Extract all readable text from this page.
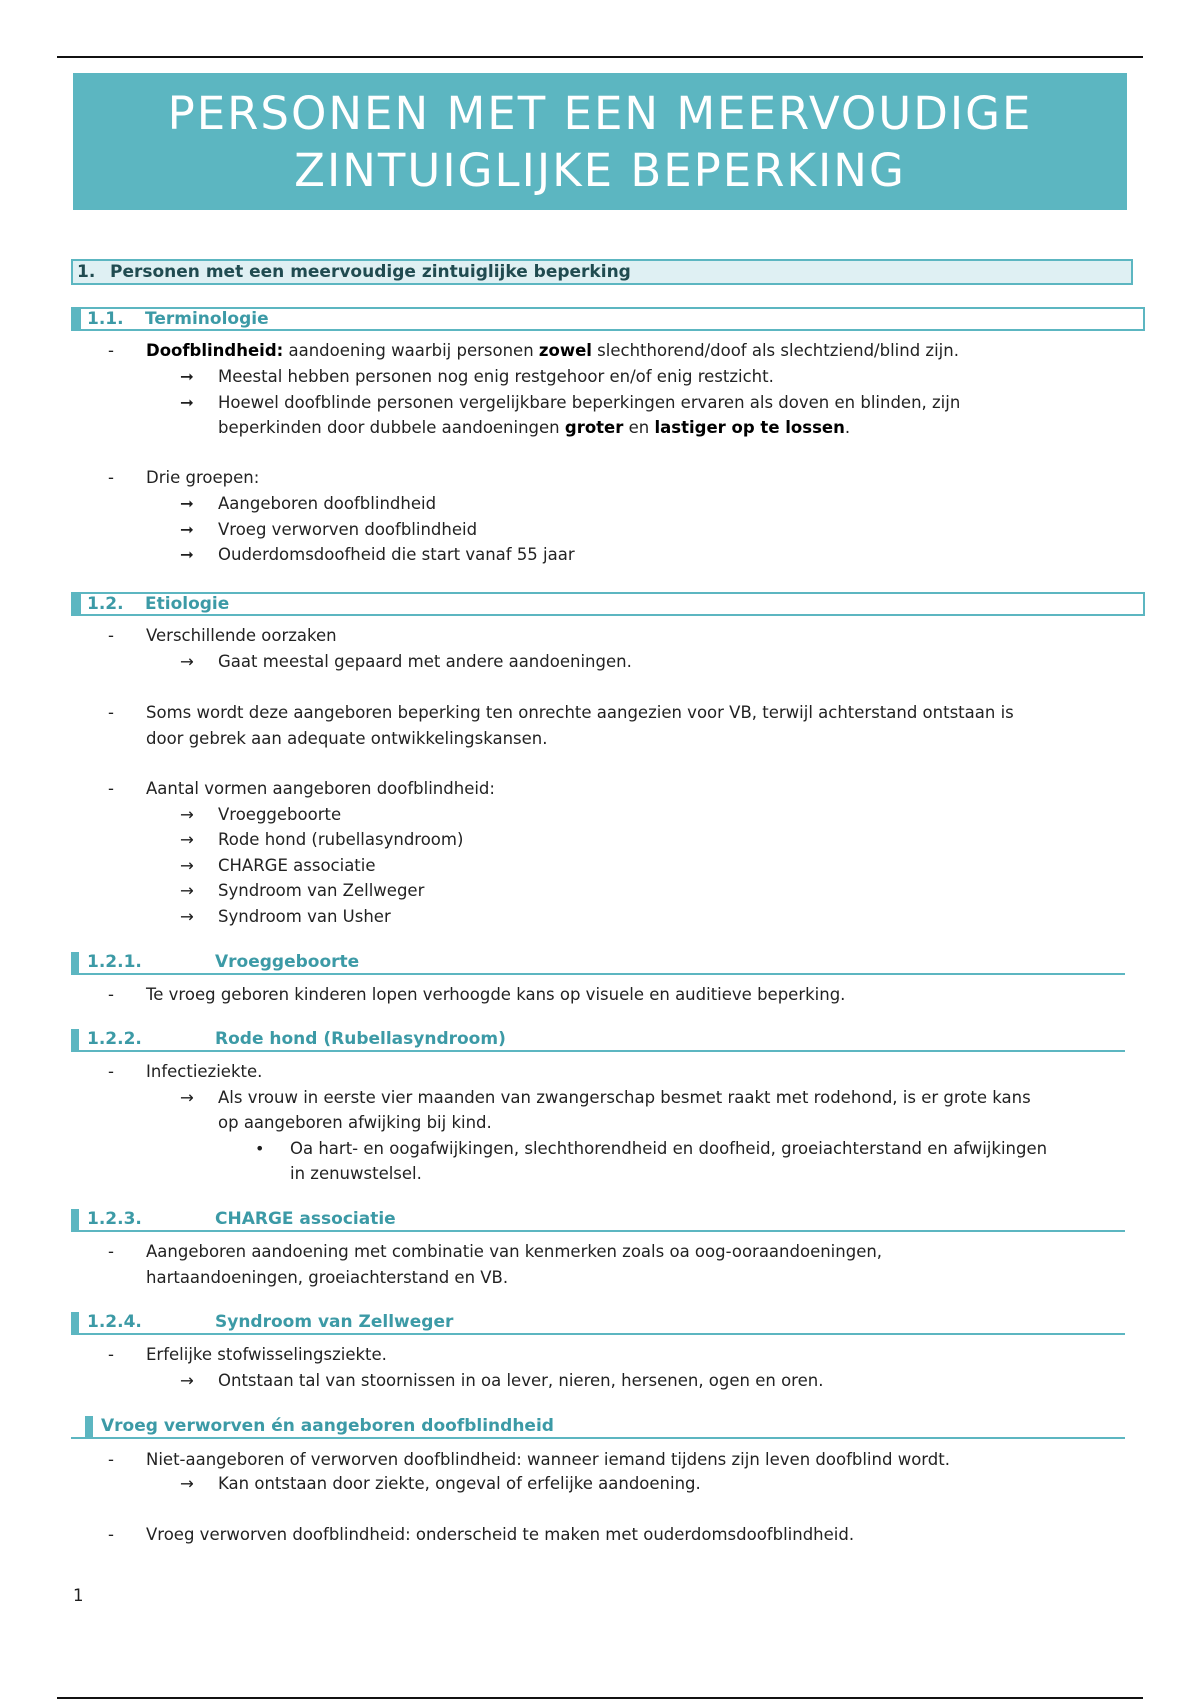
PERSONEN MET EEN MEERVOUDIGE
ZINTUIGLIJKE BEPERKING
1. Personen met een meervoudige zintuiglijke beperking
1.1. Terminologie
- Doofblindheid: aandoening waarbij personen zowel slechthorend/doof als slechtziend/blind zijn.
➞ Meestal hebben personen nog enig restgehoor en/of enig restzicht.
➞ Hoewel doofblinde personen vergelijkbare beperkingen ervaren als doven en blinden, zijn
beperkinden door dubbele aandoeningen groter en lastiger op te lossen.
- Drie groepen:
➞ Aangeboren doofblindheid
➞ Vroeg verworven doofblindheid
➞ Ouderdomsdoofheid die start vanaf 55 jaar
1.2. Etiologie
- Verschillende oorzaken
→ Gaat meestal gepaard met andere aandoeningen.
- Soms wordt deze aangeboren beperking ten onrechte aangezien voor VB, terwijl achterstand ontstaan is
door gebrek aan adequate ontwikkelingskansen.
- Aantal vormen aangeboren doofblindheid:
→ Vroeggeboorte
→ Rode hond (rubellasyndroom)
→ CHARGE associatie
→ Syndroom van Zellweger
→ Syndroom van Usher
1.2.1.	Vroeggeboorte
- Te vroeg geboren kinderen lopen verhoogde kans op visuele en auditieve beperking.
1.2.2.	Rode hond (Rubellasyndroom)
- Infectieziekte.
→ Als vrouw in eerste vier maanden van zwangerschap besmet raakt met rodehond, is er grote kans
op aangeboren afwijking bij kind.
• Oa hart- en oogafwijkingen, slechthorendheid en doofheid, groeiachterstand en afwijkingen
in zenuwstelsel.
1.2.3.	CHARGE associatie
- Aangeboren aandoening met combinatie van kenmerken zoals oa oog-ooraandoeningen,
hartaandoeningen, groeiachterstand en VB.
1.2.4.	Syndroom van Zellweger
- Erfelijke stofwisselingsziekte.
→ Ontstaan tal van stoornissen in oa lever, nieren, hersenen, ogen en oren.
Vroeg verworven én aangeboren doofblindheid
- Niet-aangeboren of verworven doofblindheid: wanneer iemand tijdens zijn leven doofblind wordt.
→ Kan ontstaan door ziekte, ongeval of erfelijke aandoening.
- Vroeg verworven doofblindheid: onderscheid te maken met ouderdomsdoofblindheid.
1
